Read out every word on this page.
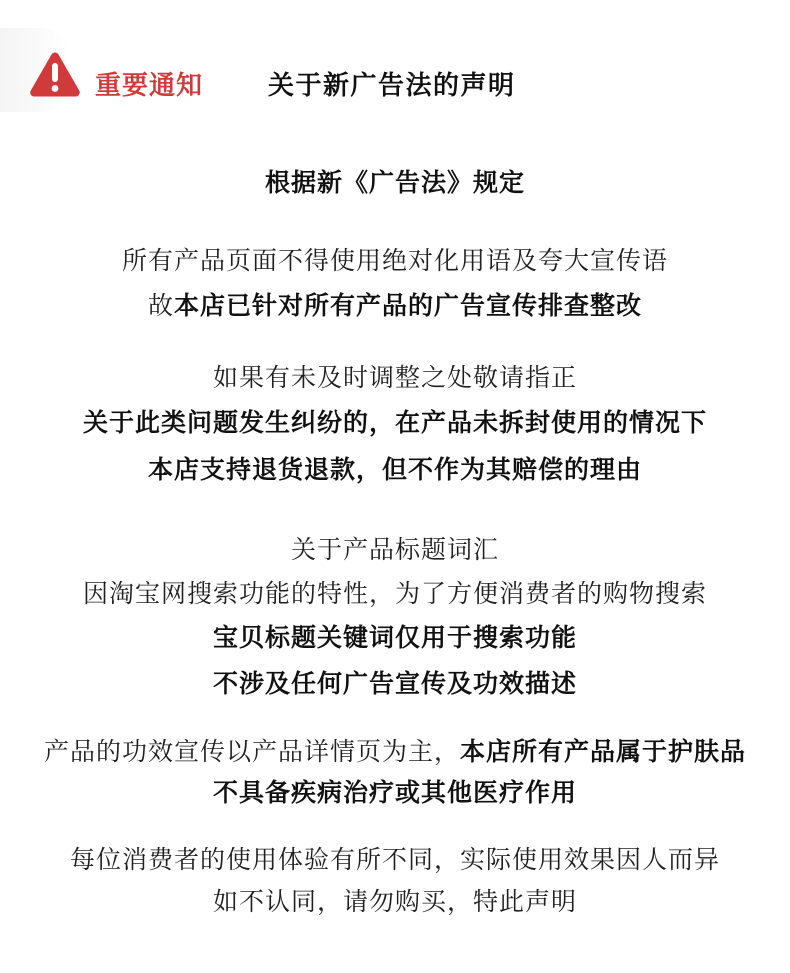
重要通知 关于新广告法的声明
根据新《广告法》规定
所有产品页面不得使用绝对化用语及夸大宣传语
故本店已针对所有产品的广告宣传排查整改
如果有未及时调整之处敬请指正
关于此类问题发生纠纷的，在产品未拆封使用的情况下
本店支持退货退款，但不作为其赔偿的理由
关于产品标题词汇
因淘宝网搜索功能的特性，为了方便消费者的购物搜索
宝贝标题关键词仅用于搜索功能
不涉及任何广告宣传及功效描述
产品的功效宣传以产品详情页为主，本店所有产品属于护肤品
不具备疾病治疗或其他医疗作用
每位消费者的使用体验有所不同，实际使用效果因人而异
如不认同，请勿购买，特此声明
